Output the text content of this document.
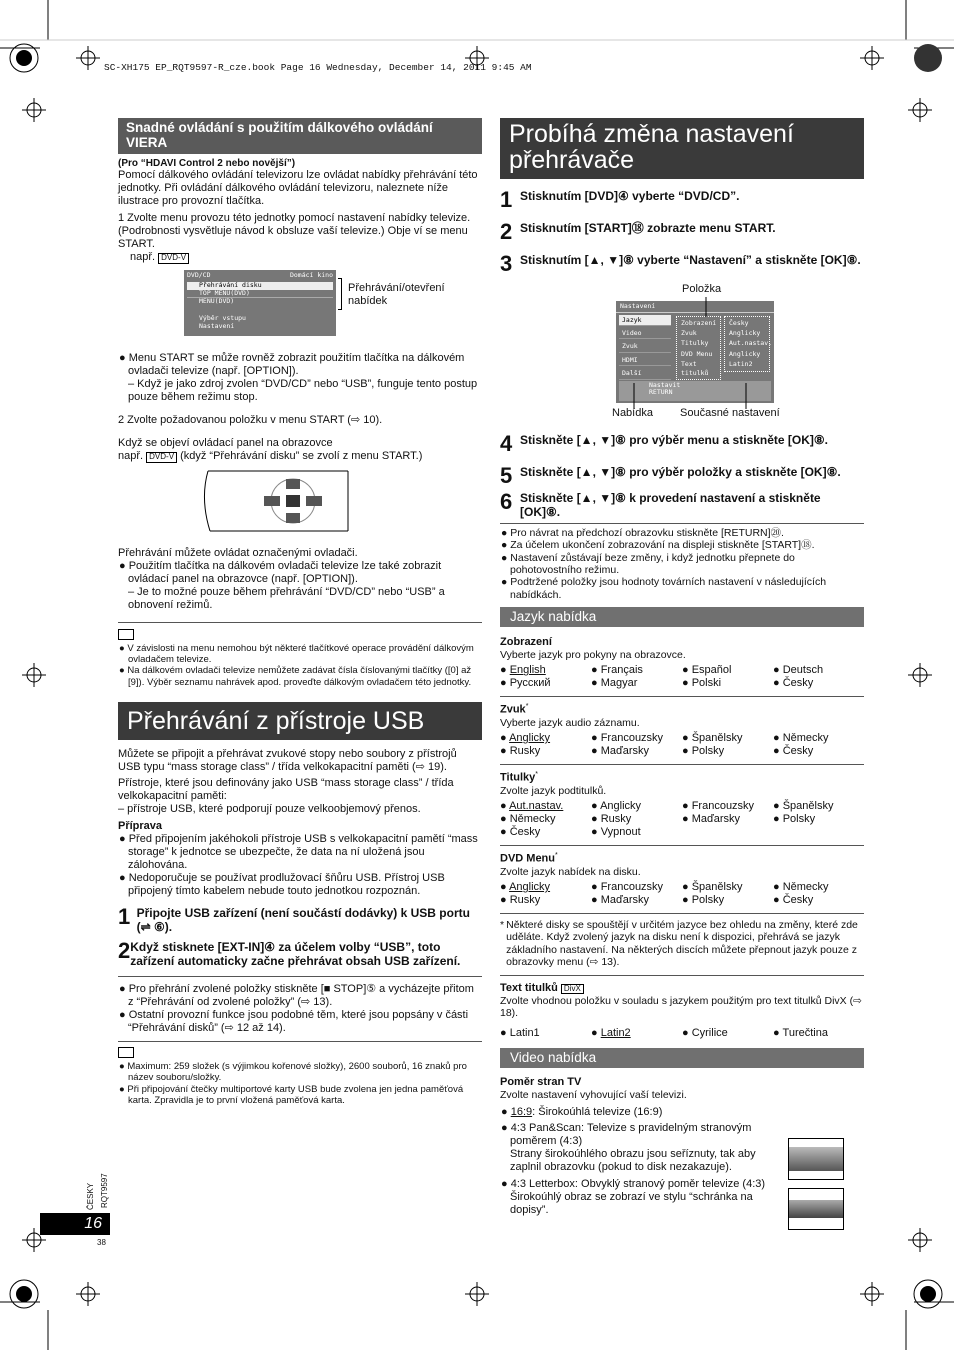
SC-XH175 EP_RQT9597-R_cze.book Page 16 Wednesday, December 14, 2011 9:45 AM
Snadné ovládání s použitím dálkového ovládání VIERA

(Pro “HDAVI Control 2 nebo novější”)

Pomocí dálkového ovládání televizoru lze ovládat nabídky přehrávání této jednotky. Při ovládání dálkového ovládání televizoru, naleznete níže ilustrace pro provozní tlačítka.

1 Zvolte menu provozu této jednotky pomocí nastavení nabídky televize. (Podrobnosti vysvětluje návod k obsluze vaší televize.) Obje ví se menu START.

např. DVD-V

DVD/CD	Domácí kino
Přehrávání disku
TOP MENU(DVD)
MENU(DVD)
Výběr vstupu
Nastavení

Přehrávání/otevření nabídek

● Menu START se může rovněž zobrazit použitím tlačítka na dálkovém ovladači televize (např. [OPTION]).

– Když je jako zdroj zvolen “DVD/CD” nebo “USB”, funguje tento postup pouze během režimu stop.

2 Zvolte požadovanou položku v menu START (⇨ 10).

Když se objeví ovládací panel na obrazovce

např. DVD-V (když “Přehrávání disku” se zvolí z menu START.)

Přehrávání můžete ovládat označenými ovladači.

● Použitím tlačítka na dálkovém ovladači televize lze také zobrazit ovládací panel na obrazovce (např. [OPTION]).

– Je to možné pouze během přehrávání “DVD/CD” nebo “USB” a obnovení režimů.

● V závislosti na menu nemohou být některé tlačítkové operace provádění dálkovým ovladačem televize.

● Na dálkovém ovladači televize nemůžete zadávat čísla číslovanými tlačítky ([0] až [9]). Výběr seznamu nahrávek apod. proveďte dálkovým ovladačem této jednotky.

Přehrávání z přístroje USB

Můžete se připojit a přehrávat zvukové stopy nebo soubory z přístrojů USB typu “mass storage class” / třída velkokapacitní paměti (⇨ 19).

Přístroje, které jsou definovány jako USB “mass storage class” / třída velkokapacitní paměti:

– přístroje USB, které podporují pouze velkoobjemový přenos.

Příprava

● Před připojením jakéhokoli přístroje USB s velkokapacitní pamětí “mass storage” k jednotce se ubezpečte, že data na ní uložená jsou zálohována.

● Nedoporučuje se používat prodlužovací šňůru USB. Přístroj USB připojený tímto kabelem nebude touto jednotkou rozpoznán.

1 Připojte USB zařízení (není součástí dodávky) k USB portu (⇌ ⑥).

2 Když stisknete [EXT-IN]④ za účelem volby “USB”, toto zařízení automaticky začne přehrávat obsah USB zařízení.

● Pro přehrání zvolené položky stiskněte [■ STOP]⑤ a vycházejte přitom z “Přehrávání od zvolené položky” (⇨ 13).

● Ostatní provozní funkce jsou podobné těm, které jsou popsány v části “Přehrávání disků” (⇨ 12 až 14).

● Maximum: 259 složek (s výjimkou kořenové složky), 2600 souborů, 16 znaků pro název souboru/složky.

● Při připojování čtečky multiportové karty USB bude zvolena jen jedna paměťová karta. Zpravidla je to první vložená paměťová karta.

ČESKY RQT9597
16
38
Probíhá změna nastavení přehrávače
1 Stisknutím [DVD]④ vyberte “DVD/CD”.

2 Stisknutím [START]⑱ zobrazte menu START.

3 Stisknutím [▲, ▼]⑧ vyberte “Nastavení” a stiskněte [OK]⑧.

Položka

Nastavení
Jazyk
Video
Zvuk
HDMI
Další
Zobrazení
Zvuk
Titulky
DVD Menu
Text titulků
Česky
Anglicky
Aut.nastav.
Anglicky
Latin2
Nastavit
RETURN

Nabídka Současné nastavení

4 Stiskněte [▲, ▼]⑧ pro výběr menu a stiskněte [OK]⑧.

5 Stiskněte [▲, ▼]⑧ pro výběr položky a stiskněte [OK]⑧.

6 Stiskněte [▲, ▼]⑧ k provedení nastavení a stiskněte [OK]⑧.

● Pro návrat na předchozí obrazovku stiskněte [RETURN]⑳.

● Za účelem ukončení zobrazování na displeji stiskněte [START]⑱.

● Nastavení zůstávají beze změny, i když jednotku přepnete do pohotovostního režimu.

● Podtržené položky jsou hodnoty továrních nastavení v následujících nabídkách.

Jazyk nabídka

Zobrazení

Vyberte jazyk pro pokyny na obrazovce.

● English	● Français	● Español	● Deutsch
● Русский	● Magyar	● Polski	● Česky

Zvuk*

Vyberte jazyk audio záznamu.

● Anglicky	● Francouzsky	● Španělsky	● Německy
● Rusky	● Maďarsky	● Polsky	● Česky

Titulky*

Zvolte jazyk podtitulků.

● Aut.nastav.	● Anglicky	● Francouzsky	● Španělsky
● Německy	● Rusky	● Maďarsky	● Polsky
● Česky	● Vypnout

DVD Menu*

Zvolte jazyk nabídek na disku.

● Anglicky	● Francouzsky	● Španělsky	● Německy
● Rusky	● Maďarsky	● Polsky	● Česky
* Některé disky se spouštějí v určitém jazyce bez ohledu na změny, které zde uděláte. Když zvolený jazyk na disku není k dispozici, přehrává se jazyk základního nastavení. Na některých discích můžete přepnout jazyk pouze z obrazovky menu (⇨ 13).

Text titulků DivX

Zvolte vhodnou položku v souladu s jazykem použitým pro text titulků DivX (⇨ 18).

● Latin1	● Latin2	● Cyrilice	● Turečtina
Video nabídka

Poměr stran TV

Zvolte nastavení vyhovující vaší televizi.

● 16:9: Širokoúhlá televize (16:9)

● 4:3 Pan&Scan: Televize s pravidelným stranovým poměrem (4:3)

Strany širokoúhlého obrazu jsou seříznuty, tak aby zaplnil obrazovku (pokud to disk nezakazuje).

● 4:3 Letterbox: Obvyklý stranový poměr televize (4:3) Širokoúhlý obraz se zobrazí ve stylu “schránka na dopisy”.
